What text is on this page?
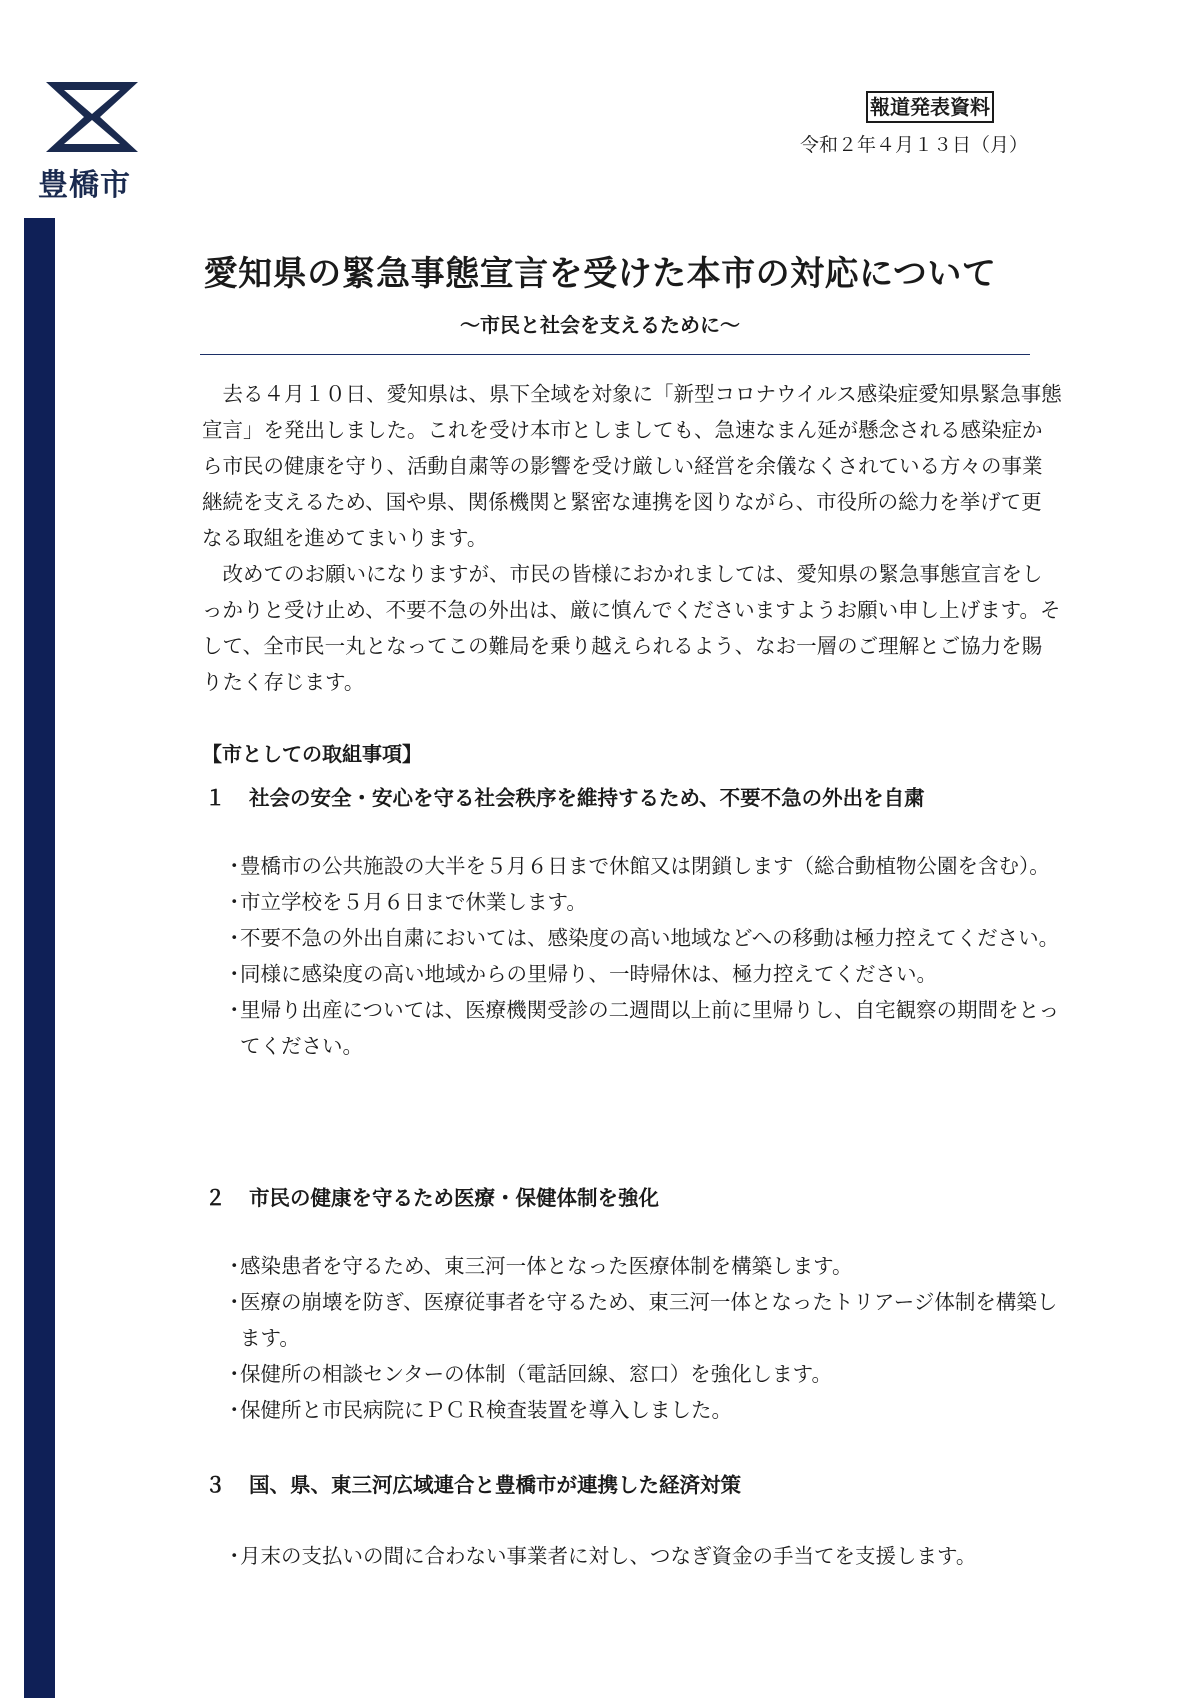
豊橋市
報道発表資料
令和２年４月１３日（月）
愛知県の緊急事態宣言を受けた本市の対応について
～市民と社会を支えるために～

去る４月１０日、愛知県は、県下全域を対象に「新型コロナウイルス感染症愛知県緊急事態宣言」を発出しました。これを受け本市としましても、急速なまん延が懸念される感染症から市民の健康を守り、活動自粛等の影響を受け厳しい経営を余儀なくされている方々の事業継続を支えるため、国や県、関係機関と緊密な連携を図りながら、市役所の総力を挙げて更なる取組を進めてまいります。

改めてのお願いになりますが、市民の皆様におかれましては、愛知県の緊急事態宣言をしっかりと受け止め、不要不急の外出は、厳に慎んでくださいますようお願い申し上げます。そして、全市民一丸となってこの難局を乗り越えられるよう、なお一層のご理解とご協力を賜りたく存じます。

【市としての取組事項】
１ 社会の安全・安心を守る社会秩序を維持するため、不要不急の外出を自粛
・豊橋市の公共施設の大半を５月６日まで休館又は閉鎖します（総合動植物公園を含む）。
・市立学校を５月６日まで休業します。
・不要不急の外出自粛においては、感染度の高い地域などへの移動は極力控えてください。
・同様に感染度の高い地域からの里帰り、一時帰休は、極力控えてください。
・里帰り出産については、医療機関受診の二週間以上前に里帰りし、自宅観察の期間をとってください。
２ 市民の健康を守るため医療・保健体制を強化
・感染患者を守るため、東三河一体となった医療体制を構築します。
・医療の崩壊を防ぎ、医療従事者を守るため、東三河一体となったトリアージ体制を構築します。
・保健所の相談センターの体制（電話回線、窓口）を強化します。
・保健所と市民病院にＰＣＲ検査装置を導入しました。
３ 国、県、東三河広域連合と豊橋市が連携した経済対策
・月末の支払いの間に合わない事業者に対し、つなぎ資金の手当てを支援します。
